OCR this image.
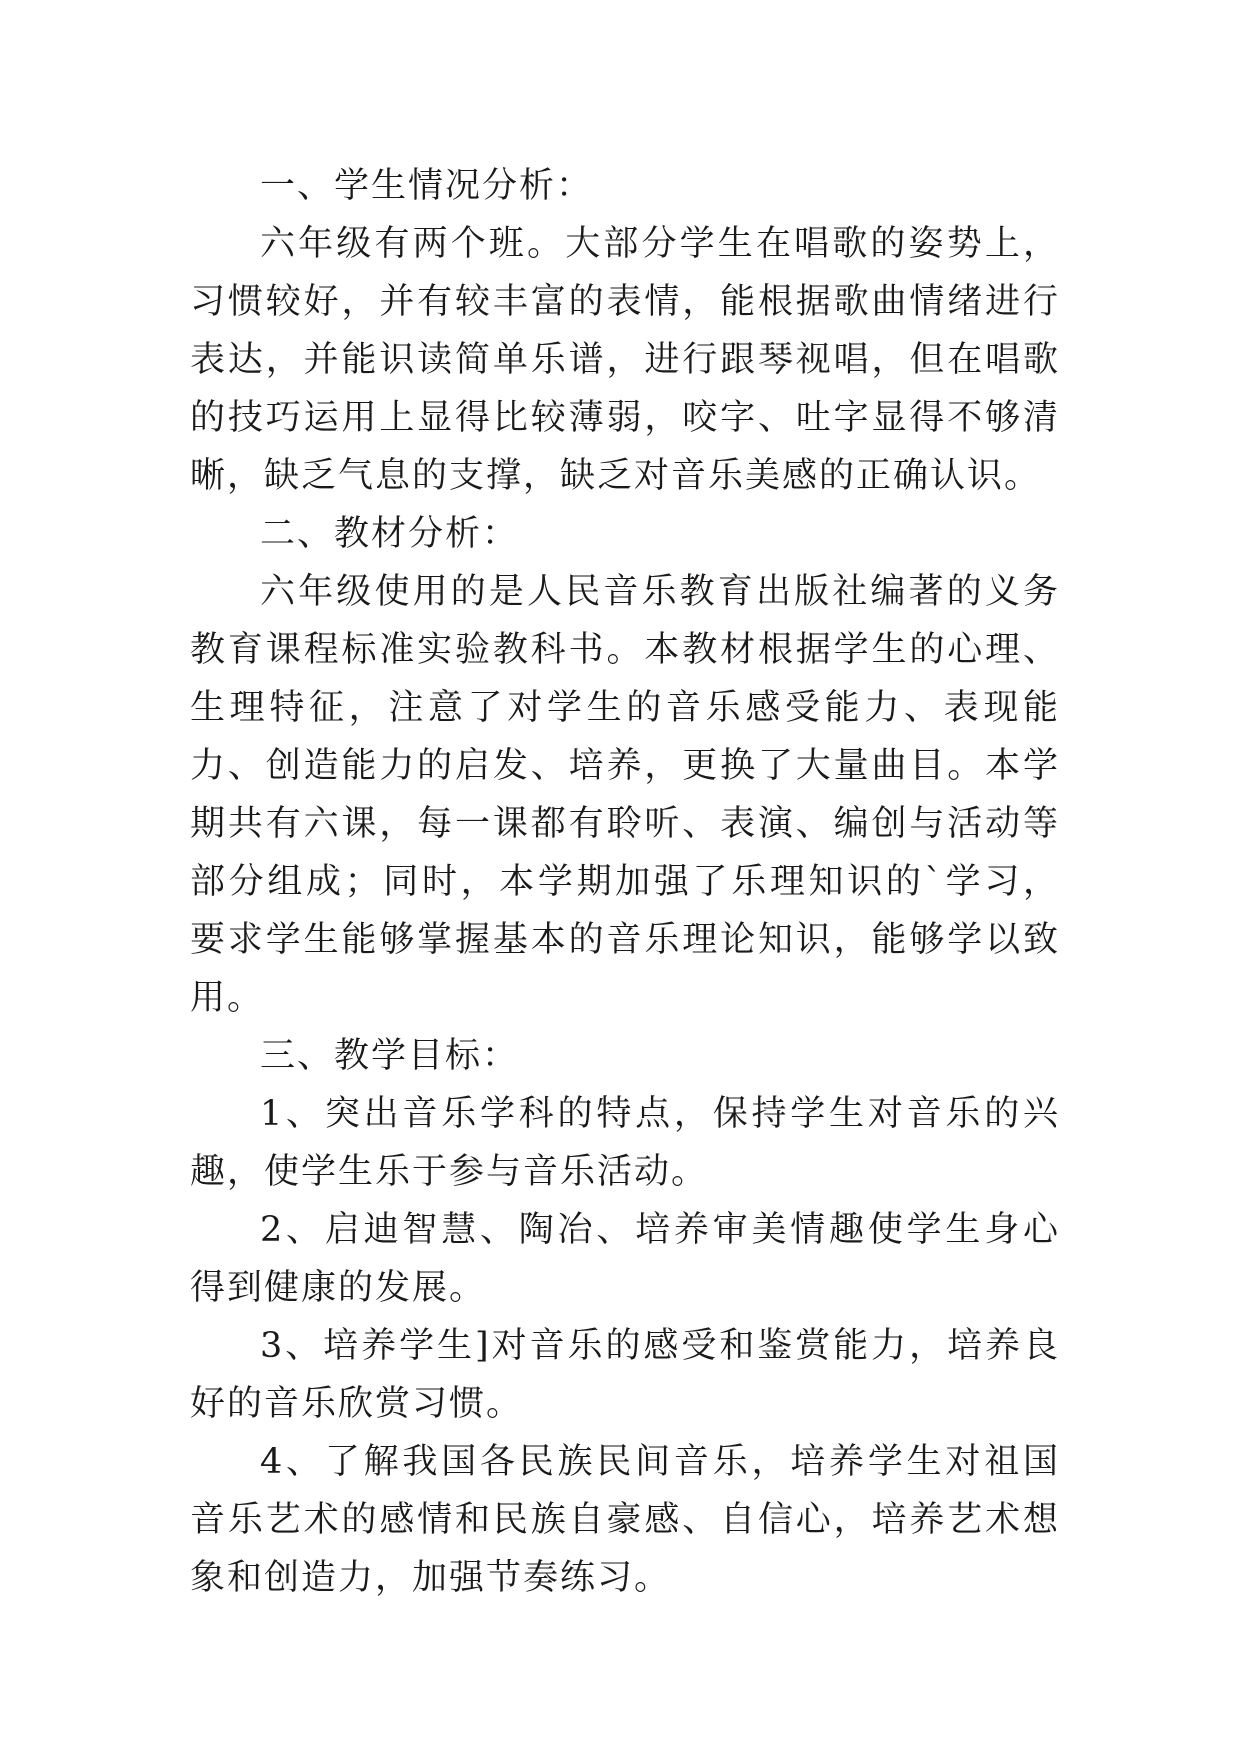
一、学生情况分析：

六年级有两个班。大部分学生在唱歌的姿势上，习惯较好，并有较丰富的表情，能根据歌曲情绪进行表达，并能识读简单乐谱，进行跟琴视唱，但在唱歌的技巧运用上显得比较薄弱，咬字、吐字显得不够清晰，缺乏气息的支撑，缺乏对音乐美感的正确认识。

二、教材分析：

六年级使用的是人民音乐教育出版社编著的义务教育课程标准实验教科书。本教材根据学生的心理、生理特征，注意了对学生的音乐感受能力、表现能力、创造能力的启发、培养，更换了大量曲目。本学期共有六课，每一课都有聆听、表演、编创与活动等部分组成；同时，本学期加强了乐理知识的`学习，要求学生能够掌握基本的音乐理论知识，能够学以致用。

三、教学目标：

1、突出音乐学科的特点，保持学生对音乐的兴趣，使学生乐于参与音乐活动。

2、启迪智慧、陶冶、培养审美情趣使学生身心得到健康的发展。

3、培养学生]对音乐的感受和鉴赏能力，培养良好的音乐欣赏习惯。

4、了解我国各民族民间音乐，培养学生对祖国音乐艺术的感情和民族自豪感、自信心，培养艺术想象和创造力，加强节奏练习。
